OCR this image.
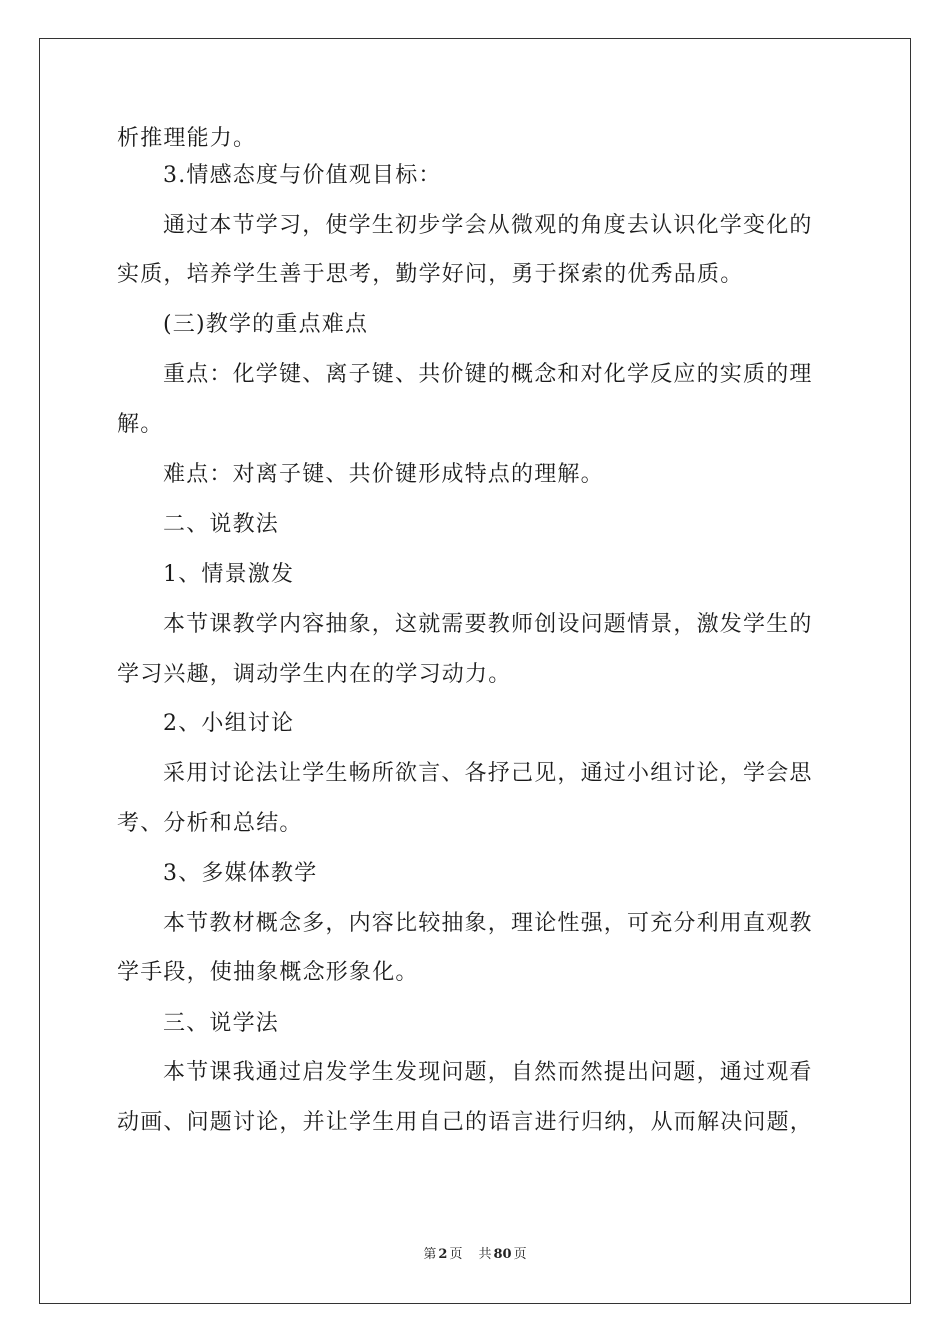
析推理能力。
3.情感态度与价值观目标：
通过本节学习，使学生初步学会从微观的角度去认识化学变化的
实质，培养学生善于思考，勤学好问，勇于探索的优秀品质。
(三)教学的重点难点
重点：化学键、离子键、共价键的概念和对化学反应的实质的理
解。
难点：对离子键、共价键形成特点的理解。
二、说教法
1、情景激发
本节课教学内容抽象，这就需要教师创设问题情景，激发学生的
学习兴趣，调动学生内在的学习动力。
2、小组讨论
采用讨论法让学生畅所欲言、各抒己见，通过小组讨论，学会思
考、分析和总结。
3、多媒体教学
本节教材概念多，内容比较抽象，理论性强，可充分利用直观教
学手段，使抽象概念形象化。
三、说学法
本节课我通过启发学生发现问题，自然而然提出问题，通过观看
动画、问题讨论，并让学生用自己的语言进行归纳，从而解决问题，
第 2 页 共 80 页
